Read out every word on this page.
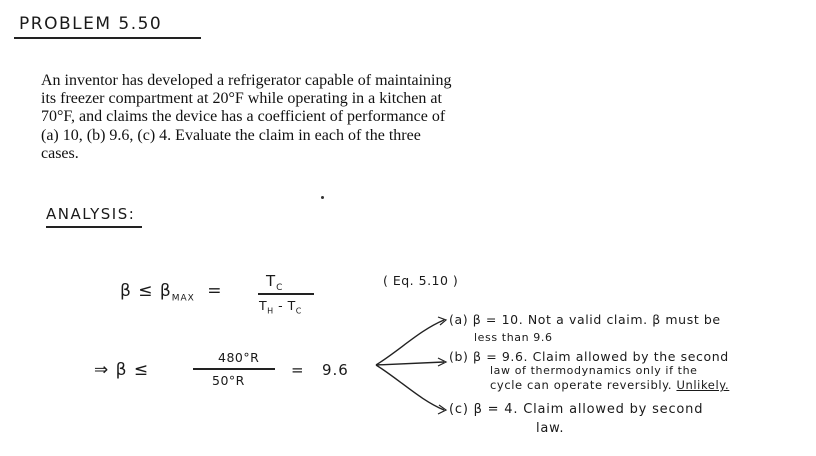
PROBLEM 5.50
An inventor has developed a refrigerator capable of maintaining its freezer compartment at 20°F while operating in a kitchen at 70°F, and claims the device has a coefficient of performance of (a) 10, (b) 9.6, (c) 4. Evaluate the claim in each of the three cases.
ANALYSIS:
$\beta \le \beta_{MAX}$ =	$T_C$
$T_H - T_C$
( Eq. 5.10 )
⇒ β ≤
480°R
50°R
= 9.6
(a) β = 10. Not a valid claim. β must be
less than 9.6
(b) β = 9.6. Claim allowed by the second
law of thermodynamics only if the
cycle can operate reversibly. Unlikely.
(c) β = 4. Claim allowed by second
law.
